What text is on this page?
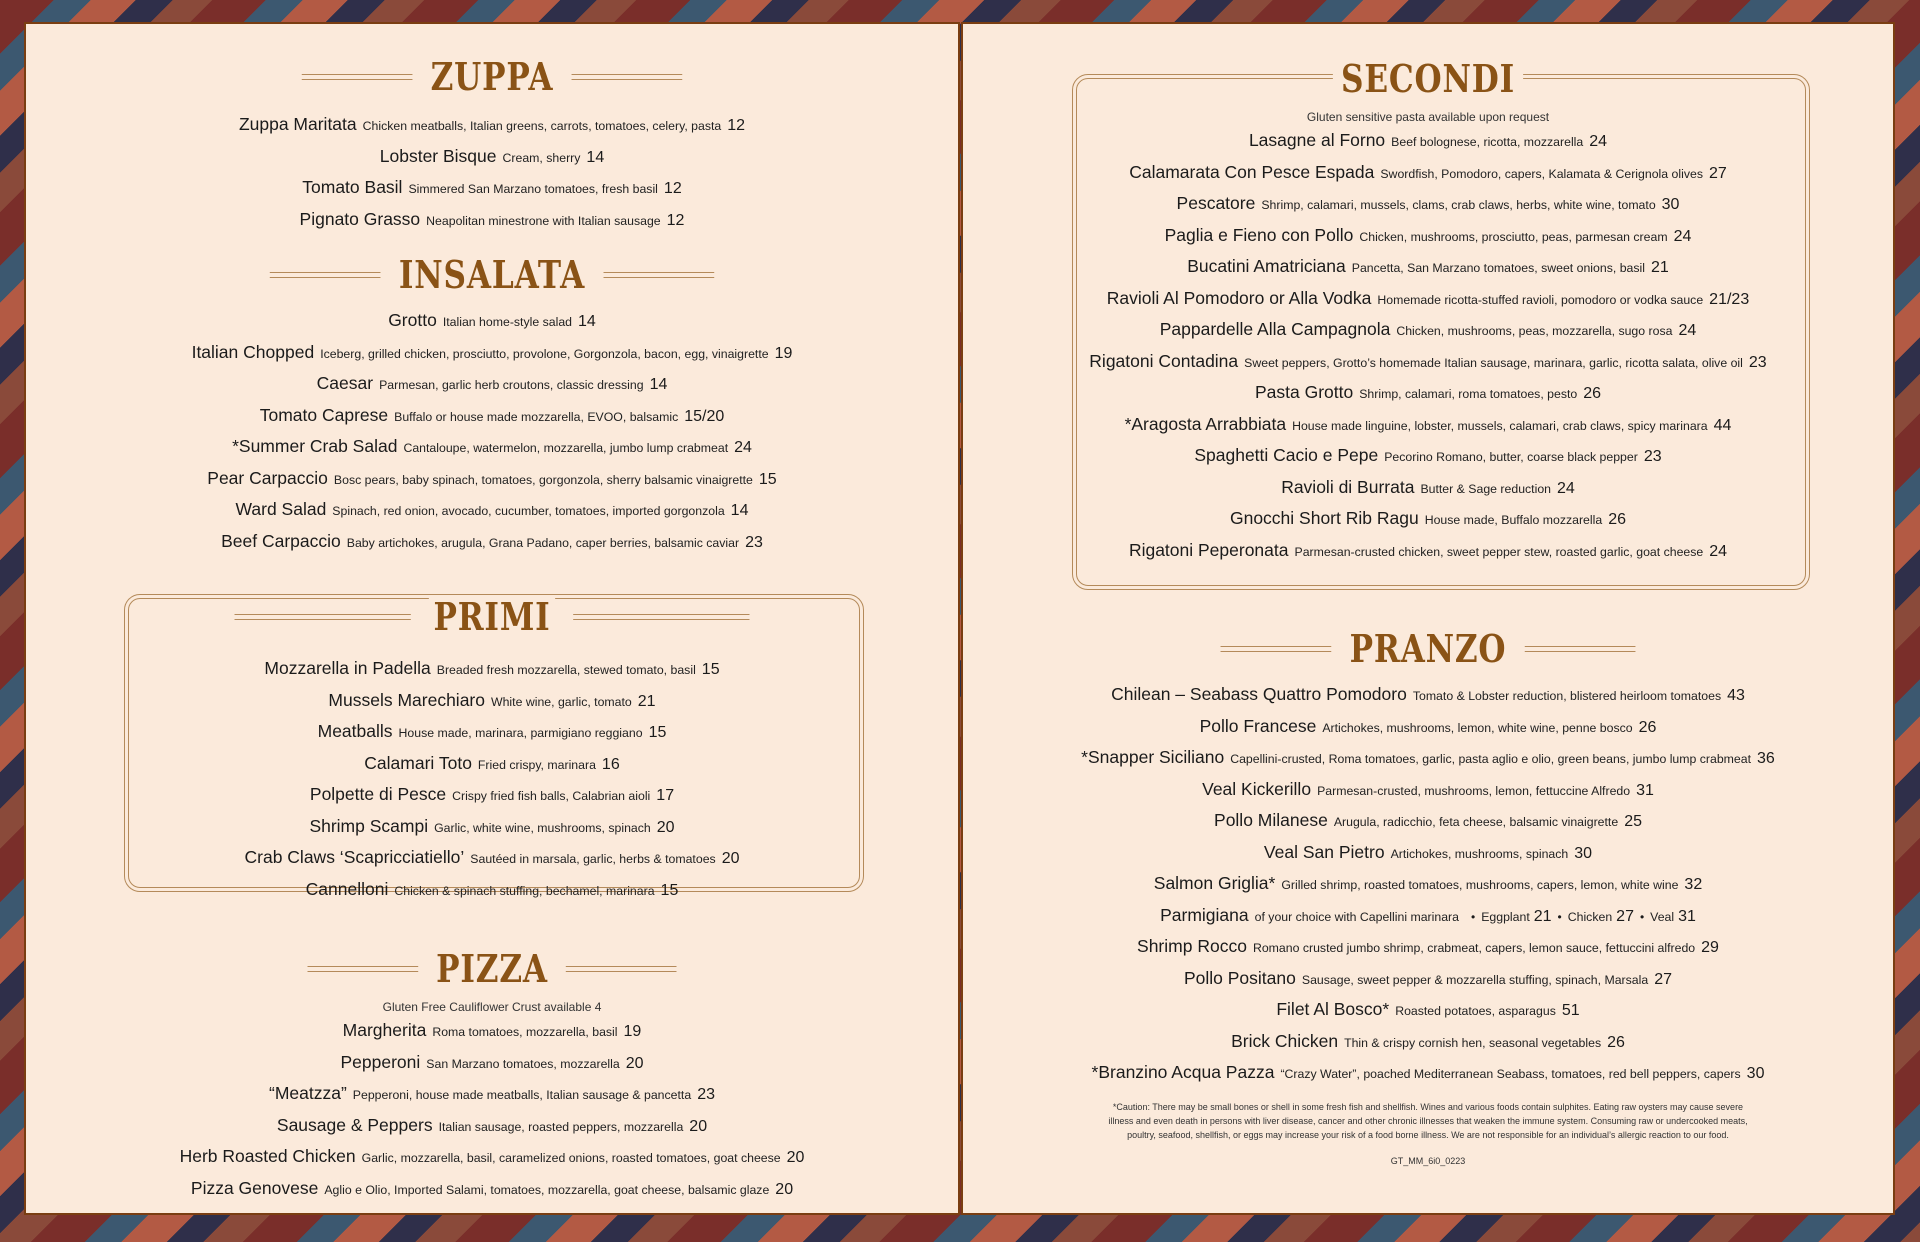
ZUPPA
Zuppa Maritata Chicken meatballs, Italian greens, carrots, tomatoes, celery, pasta 12
Lobster Bisque Cream, sherry 14
Tomato Basil Simmered San Marzano tomatoes, fresh basil 12
Pignato Grasso Neapolitan minestrone with Italian sausage 12
INSALATA
Grotto Italian home-style salad 14
Italian Chopped Iceberg, grilled chicken, prosciutto, provolone, Gorgonzola, bacon, egg, vinaigrette 19
Caesar Parmesan, garlic herb croutons, classic dressing 14
Tomato Caprese Buffalo or house made mozzarella, EVOO, balsamic 15/20
*Summer Crab Salad Cantaloupe, watermelon, mozzarella, jumbo lump crabmeat 24
Pear Carpaccio Bosc pears, baby spinach, tomatoes, gorgonzola, sherry balsamic vinaigrette 15
Ward Salad Spinach, red onion, avocado, cucumber, tomatoes, imported gorgonzola 14
Beef Carpaccio Baby artichokes, arugula, Grana Padano, caper berries, balsamic caviar 23
PRIMI
Mozzarella in Padella Breaded fresh mozzarella, stewed tomato, basil 15
Mussels Marechiaro White wine, garlic, tomato 21
Meatballs House made, marinara, parmigiano reggiano 15
Calamari Toto Fried crispy, marinara 16
Polpette di Pesce Crispy fried fish balls, Calabrian aioli 17
Shrimp Scampi Garlic, white wine, mushrooms, spinach 20
Crab Claws ‘Scapricciatiello’ Sautéed in marsala, garlic, herbs & tomatoes 20
Cannelloni Chicken & spinach stuffing, bechamel, marinara 15
PIZZA
Gluten Free Cauliflower Crust available 4
Margherita Roma tomatoes, mozzarella, basil 19
Pepperoni San Marzano tomatoes, mozzarella 20
“Meatzza” Pepperoni, house made meatballs, Italian sausage & pancetta 23
Sausage & Peppers Italian sausage, roasted peppers, mozzarella 20
Herb Roasted Chicken Garlic, mozzarella, basil, caramelized onions, roasted tomatoes, goat cheese 20
Pizza Genovese Aglio e Olio, Imported Salami, tomatoes, mozzarella, goat cheese, balsamic glaze 20
SECONDI
Gluten sensitive pasta available upon request
Lasagne al Forno Beef bolognese, ricotta, mozzarella 24
Calamarata Con Pesce Espada Swordfish, Pomodoro, capers, Kalamata & Cerignola olives 27
Pescatore Shrimp, calamari, mussels, clams, crab claws, herbs, white wine, tomato 30
Paglia e Fieno con Pollo Chicken, mushrooms, prosciutto, peas, parmesan cream 24
Bucatini Amatriciana Pancetta, San Marzano tomatoes, sweet onions, basil 21
Ravioli Al Pomodoro or Alla Vodka Homemade ricotta-stuffed ravioli, pomodoro or vodka sauce 21/23
Pappardelle Alla Campagnola Chicken, mushrooms, peas, mozzarella, sugo rosa 24
Rigatoni Contadina Sweet peppers, Grotto’s homemade Italian sausage, marinara, garlic, ricotta salata, olive oil 23
Pasta Grotto Shrimp, calamari, roma tomatoes, pesto 26
*Aragosta Arrabbiata House made linguine, lobster, mussels, calamari, crab claws, spicy marinara 44
Spaghetti Cacio e Pepe Pecorino Romano, butter, coarse black pepper 23
Ravioli di Burrata Butter & Sage reduction 24
Gnocchi Short Rib Ragu House made, Buffalo mozzarella 26
Rigatoni Peperonata Parmesan-crusted chicken, sweet pepper stew, roasted garlic, goat cheese 24
PRANZO
Chilean – Seabass Quattro Pomodoro Tomato & Lobster reduction, blistered heirloom tomatoes 43
Pollo Francese Artichokes, mushrooms, lemon, white wine, penne bosco 26
*Snapper Siciliano Capellini-crusted, Roma tomatoes, garlic, pasta aglio e olio, green beans, jumbo lump crabmeat 36
Veal Kickerillo Parmesan-crusted, mushrooms, lemon, fettuccine Alfredo 31
Pollo Milanese Arugula, radicchio, feta cheese, balsamic vinaigrette 25
Veal San Pietro Artichokes, mushrooms, spinach 30
Salmon Griglia* Grilled shrimp, roasted tomatoes, mushrooms, capers, lemon, white wine 32
Parmigiana of your choice with Capellini marinara • Eggplant 21 • Chicken 27 • Veal 31
Shrimp Rocco Romano crusted jumbo shrimp, crabmeat, capers, lemon sauce, fettuccini alfredo 29
Pollo Positano Sausage, sweet pepper & mozzarella stuffing, spinach, Marsala 27
Filet Al Bosco* Roasted potatoes, asparagus 51
Brick Chicken Thin & crispy cornish hen, seasonal vegetables 26
*Branzino Acqua Pazza “Crazy Water”, poached Mediterranean Seabass, tomatoes, red bell peppers, capers 30
*Caution: There may be small bones or shell in some fresh fish and shellfish. Wines and various foods contain sulphites. Eating raw oysters may cause severe illness and even death in persons with liver disease, cancer and other chronic illnesses that weaken the immune system. Consuming raw or undercooked meats, poultry, seafood, shellfish, or eggs may increase your risk of a food borne illness. We are not responsible for an individual’s allergic reaction to our food.
GT_MM_6i0_0223
